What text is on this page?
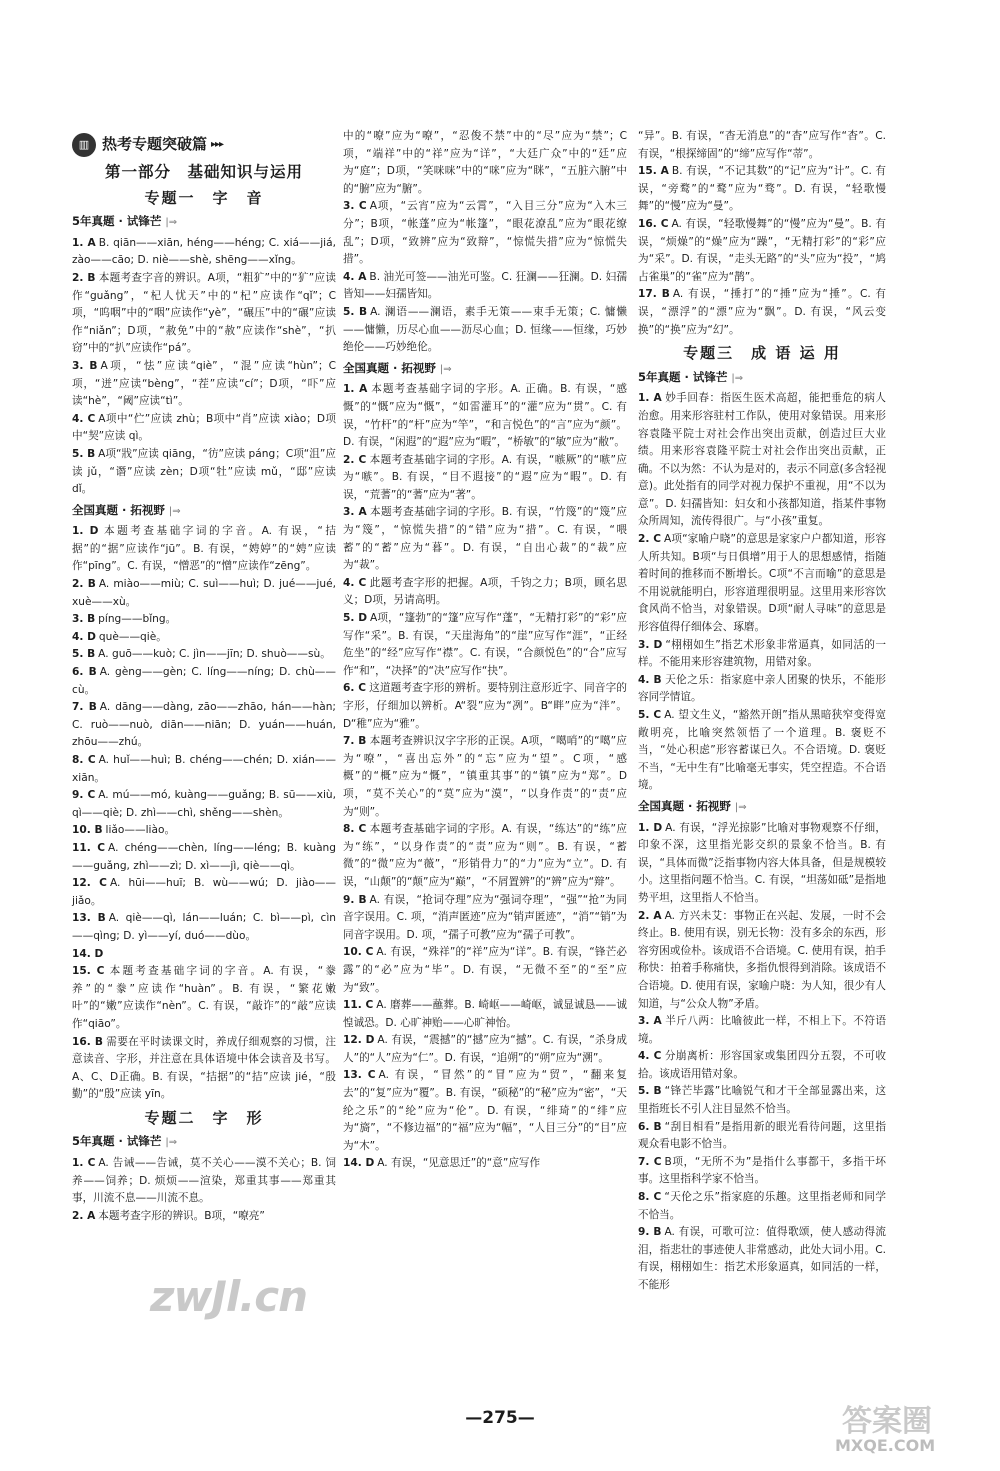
▥ 热考专题突破篇 ▸▸▸
第一部分　基础知识与运用
专题一　字　音
5年真题 · 试锋芒 |⇒
1. A B. qiān——xiān, héng——héng; C. xiá——jiá, zào——cāo; D. niè——shè, shēng——xǐng。
2. B 本题考查字音的辨识。A项，“粗犷”中的“犷”应读作“guǎng”，“杞人忧天”中的“杞”应读作“qǐ”；C项，“呜咽”中的“咽”应读作“yè”，“碾压”中的“碾”应读作“niǎn”；D项，“赦免”中的“赦”应读作“shè”，“扒窃”中的“扒”应读作“pá”。
3. B A项，“怯”应读“qiè”，“混”应读“hùn”；C项，“迸”应读“bèng”，“茬”应读“cí”；D项，“吓”应读“hè”，“阈”应读“tì”。
4. C A项中“伫”应读 zhù；B项中“肖”应读 xiào；D项中“契”应读 qì。
5. B A项“戕”应读 qiāng，“彷”应读 páng；C项“沮”应读 jǔ，“谮”应读 zèn；D项“牡”应读 mǔ，“邸”应读 dǐ。
全国真题 · 拓视野 |⇒
1. D 本题考查基础字词的字音。A. 有误，“拮据”的“据”应读作“jū”。B. 有误，“娉婷”的“娉”应读作“pīng”。C. 有误，“憎恶”的“憎”应读作“zēng”。
2. B A. miào——miù; C. suì——huì; D. jué——jué, xuè——xù。
3. B píng——bǐng。
4. D què——qiè。
5. B A. guō——kuò; C. jìn——jīn; D. shuò——sù。
6. B A. gèng——gèn; C. líng——níng; D. chù——cù。
7. B A. dāng——dàng, zāo——zhāo, hán——hàn; C. ruò——nuò, diān——niān; D. yuán——huán, zhōu——zhú。
8. C A. huǐ——huì; B. chéng——chén; D. xián——xiān。
9. C A. mú——mó, kuàng——guǎng; B. sū——xiù, qì——qiè; D. zhì——chì, shěng——shèn。
10. B liǎo——liào。
11. C A. chéng——chèn, líng——léng; B. kuàng——guǎng, zhì——zì; D. xì——jì, qiè——qì。
12. C A. hūi——huī; B. wù——wú; D. jiào——jiǎo。
13. B A. qiè——qì, lán——luán; C. bì——pì, cìn——qìng; D. yì——yí, duó——dùo。
14. D
15. C 本题考查基础字词的字音。A. 有误，“豢养”的“豢”应读作“huàn”。B. 有误，“繁花嫩叶”的“嫩”应读作“nèn”。C. 有误，“敲诈”的“敲”应读作“qiāo”。
16. B 需要在平时读课文时，养成仔细观察的习惯，注意读音、字形，并注意在具体语境中体会读音及书写。A、C、D正确。B. 有误，“拮据”的“拮”应读 jié，“殷勤”的“殷”应读 yīn。
专题二　字　形
5年真题 · 试锋芒 |⇒
1. C A. 告诫——告诫，莫不关心——漠不关心；B. 饲养——饲养；D. 烦烦——渲染，郑重其事——郑重其事，川流不息——川流不息。
2. A 本题考查字形的辨识。B项，“嘹亮”
中的“嘹”应为“嘹”，“忍俊不禁”中的“尽”应为“禁”；C项，“端祥”中的“祥”应为“详”，“大廷广众”中的“廷”应为“庭”；D项，“笑咪咪”中的“咪”应为“眯”，“五脏六腑”中的“腑”应为“腑”。
3. C A项，“云宵”应为“云霄”，“入目三分”应为“入木三分”；B项，“帐蓬”应为“帐篷”，“眼花潦乱”应为“眼花缭乱”；D项，“致辨”应为“致辩”，“惊慌失措”应为“惊慌失措”。
4. A B. 油光可签——油光可鉴。C. 狂澜——狂澜。D. 妇孺皆知——妇孺皆知。
5. B A. 澜语——澜语，素手无策——束手无策；C. 慵懒——慵懒，历尽心血——沥尽心血；D. 恒缘——恒缘，巧妙绝伦——巧妙绝伦。
全国真题 · 拓视野 |⇒
1. A 本题考查基础字词的字形。A. 正确。B. 有误，“感慨”的“慨”应为“慨”，“如雷灌耳”的“灌”应为“贯”。C. 有误，“竹杆”的“杆”应为“竿”，“和言悦色”的“言”应为“颜”。D. 有误，“闲遐”的“遐”应为“暇”，“桥敏”的“敏”应为“敝”。
2. C 本题考查基础字词的字形。A. 有误，“嗾厥”的“嗾”应为“嗾”。B. 有误，“目不遐接”的“遐”应为“暇”。D. 有误，“荒蓍”的“蓍”应为“著”。
3. A 本题考查基础字词的字形。B. 有误，“竹篾”的“篾”应为“篾”，“惊慌失措”的“错”应为“措”。C. 有误，“喂蓄”的“蓄”应为“暮”。D. 有误，“自出心裁”的“裁”应为“裁”。
4. C 此题考查字形的把握。A项，千钧之力；B项，顾名思义；D项，另请高明。
5. D A项，“篷勃”的“篷”应写作“蓬”，“无精打彩”的“彩”应写作“采”。B. 有误，“天崖海角”的“崖”应写作“涯”，“正经危坐”的“经”应写作“襟”。C. 有误，“合颜悦色”的“合”应写作“和”，“决择”的“决”应写作“抉”。
6. C 这道题考查字形的辨析。要特别注意形近字、同音字的字形，仔细加以辨析。A“裂”应为“冽”。B“畔”应为“泮”。D“稚”应为“雅”。
7. B 本题考查辨识汉字字形的正误。A项，“噶哨”的“噶”应为“嘹”，“喜出忘外”的“忘”应为“望”。C项，“感概”的“概”应为“慨”，“镇重其事”的“镇”应为“郑”。D项，“莫不关心”的“莫”应为“漠”，“以身作责”的“责”应为“则”。
8. C 本题考查基础字词的字形。A. 有误，“练达”的“练”应为“练”，“以身作责”的“责”应为“则”。B. 有误，“蓄微”的“微”应为“薇”，“形销骨力”的“力”应为“立”。D. 有误，“山颠”的“颠”应为“巅”，“不屑置辨”的“辨”应为“辩”。
9. B A. 有误，“抢词夺理”应为“强词夺理”，“强”“抢”为同音字误用。C. 项，“消声匿迹”应为“销声匿迹”，“消”“销”为同音字误用。D. 项，“孺子可教”应为“孺子可教”。
10. C A. 有误，“殊祥”的“祥”应为“详”。B. 有误，“锋芒必露”的“必”应为“毕”。D. 有误，“无微不至”的“至”应为“致”。
11. C A. 磨葬——蘸葬。B. 崎岖——崎岖，诚显诚恳——诚惶诚恐。D. 心旷神贻——心旷神怡。
12. D A. 有误，“震撼”的“撼”应为“撼”。C. 有误，“杀身成人”的“人”应为“仁”。D. 有误，“追朔”的“朔”应为“溯”。
13. C A. 有误，“冒然”的“冒”应为“贸”，“翻来复去”的“复”应为“覆”。B. 有误，“硕秘”的“秘”应为“密”，“天纶之乐”的“纶”应为“伦”。D. 有误，“绯琦”的“绯”应为“旖”，“不修边福”的“福”应为“幅”，“人目三分”的“目”应为“木”。
14. D A. 有误，“见意思迁”的“意”应写作
“异”。B. 有误，“杳无消息”的“杳”应写作“杳”。C. 有误，“根探缔固”的“缔”应写作“蒂”。
15. A B. 有误，“不记其数”的“记”应为“计”。C. 有误，“旁鹜”的“鹜”应为“骛”。D. 有误，“轻歌慢舞”的“慢”应为“曼”。
16. C A. 有误，“轻歌慢舞”的“慢”应为“曼”。B. 有误，“烦燥”的“燥”应为“躁”，“无精打彩”的“彩”应为“采”。D. 有误，“走头无路”的“头”应为“投”，“鸠占雀巢”的“雀”应为“鹊”。
17. B A. 有误，“捶打”的“捶”应为“捶”。C. 有误，“漂浮”的“漂”应为“飘”。D. 有误，“风云变换”的“换”应为“幻”。
专题三　成 语 运 用
5年真题 · 试锋芒 |⇒
1. A 妙手回春：指医生医术高超，能把垂危的病人治愈。用来形容驻村工作队，使用对象错误。用来形容袁隆平院士对社会作出突出贡献，创造过巨大业绩。用来形容袁隆平院士对社会作出突出贡献，正确。不以为然：不认为是对的，表示不同意(多含轻视意)。此处指有的同学对视力保护不重视，用“不以为意”。D. 妇孺皆知：妇女和小孩都知道，指某件事物众所周知，流传得很广。与“小孩”重复。
2. C A项“家喻户晓”的意思是家家户户都知道，形容人所共知。B项“与日俱增”用于人的思想感情，指随着时间的推移而不断增长。C项“不言而喻”的意思是不用说就能明白，形容道理很明显。这里用来形容饮食风尚不恰当，对象错误。D项“耐人寻味”的意思是形容值得仔细体会、琢磨。
3. D “栩栩如生”指艺术形象非常逼真，如同活的一样。不能用来形容建筑物，用错对象。
4. B 天伦之乐：指家庭中亲人团聚的快乐，不能形容同学情谊。
5. C A. 望文生义，“豁然开朗”指从黑暗狭窄变得宽敞明亮，比喻突然领悟了一个道理。B. 褒贬不当，“处心积虑”形容蓄谋已久。不合语境。D. 褒贬不当，“无中生有”比喻毫无事实，凭空捏造。不合语境。
全国真题 · 拓视野 |⇒
1. D A. 有误，“浮光掠影”比喻对事物观察不仔细，印象不深，这里指光影交织的景象不恰当。B. 有误，“具体而微”泛指事物内容大体具备，但是规模较小。这里指问题不恰当。C. 有误，“坦荡如砥”是指地势平坦，这里指人不恰当。
2. A A. 方兴未艾：事物正在兴起、发展，一时不会终止。B. 使用有误，别无长物：没有多余的东西，形容穷困或俭朴。该成语不合语境。C. 使用有误，拍手称快：拍着手称痛快，多指仇恨得到消除。该成语不合语境。D. 使用有误，家喻户晓：为人知，很少有人知道，与“公众人物”矛盾。
3. A 半斤八两：比喻彼此一样，不相上下。不符语境。
4. C 分崩离析：形容国家或集团四分五裂，不可收拾。该成语用错对象。
5. B “锋芒毕露”比喻锐气和才干全部显露出来，这里指班长不引人注目显然不恰当。
6. B “刮目相看”是指用新的眼光看待问题，这里指观众看电影不恰当。
7. C B项，“无所不为”是指什么事都干，多指干坏事。这里指科学家不恰当。
8. C “天伦之乐”指家庭的乐趣。这里指老师和同学不恰当。
9. B A. 有误，可歌可泣：值得歌颂，使人感动得流泪，指悲壮的事迹使人非常感动，此处大词小用。C. 有误，栩栩如生：指艺术形象逼真，如同活的一样，不能形
—275—
zwJl.cn
答案圈
MXQE.COM
